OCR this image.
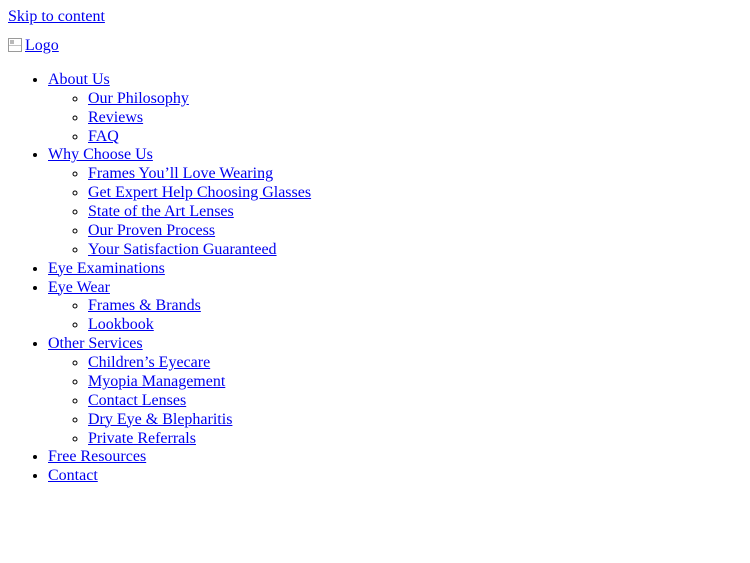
Skip to content
Logo
• About Us
◦ Our Philosophy
◦ Reviews
◦ FAQ
• Why Choose Us
◦ Frames You’ll Love Wearing
◦ Get Expert Help Choosing Glasses
◦ State of the Art Lenses
◦ Our Proven Process
◦ Your Satisfaction Guaranteed
• Eye Examinations
• Eye Wear
◦ Frames & Brands
◦ Lookbook
• Other Services
◦ Children’s Eyecare
◦ Myopia Management
◦ Contact Lenses
◦ Dry Eye & Blepharitis
◦ Private Referrals
• Free Resources
• Contact
